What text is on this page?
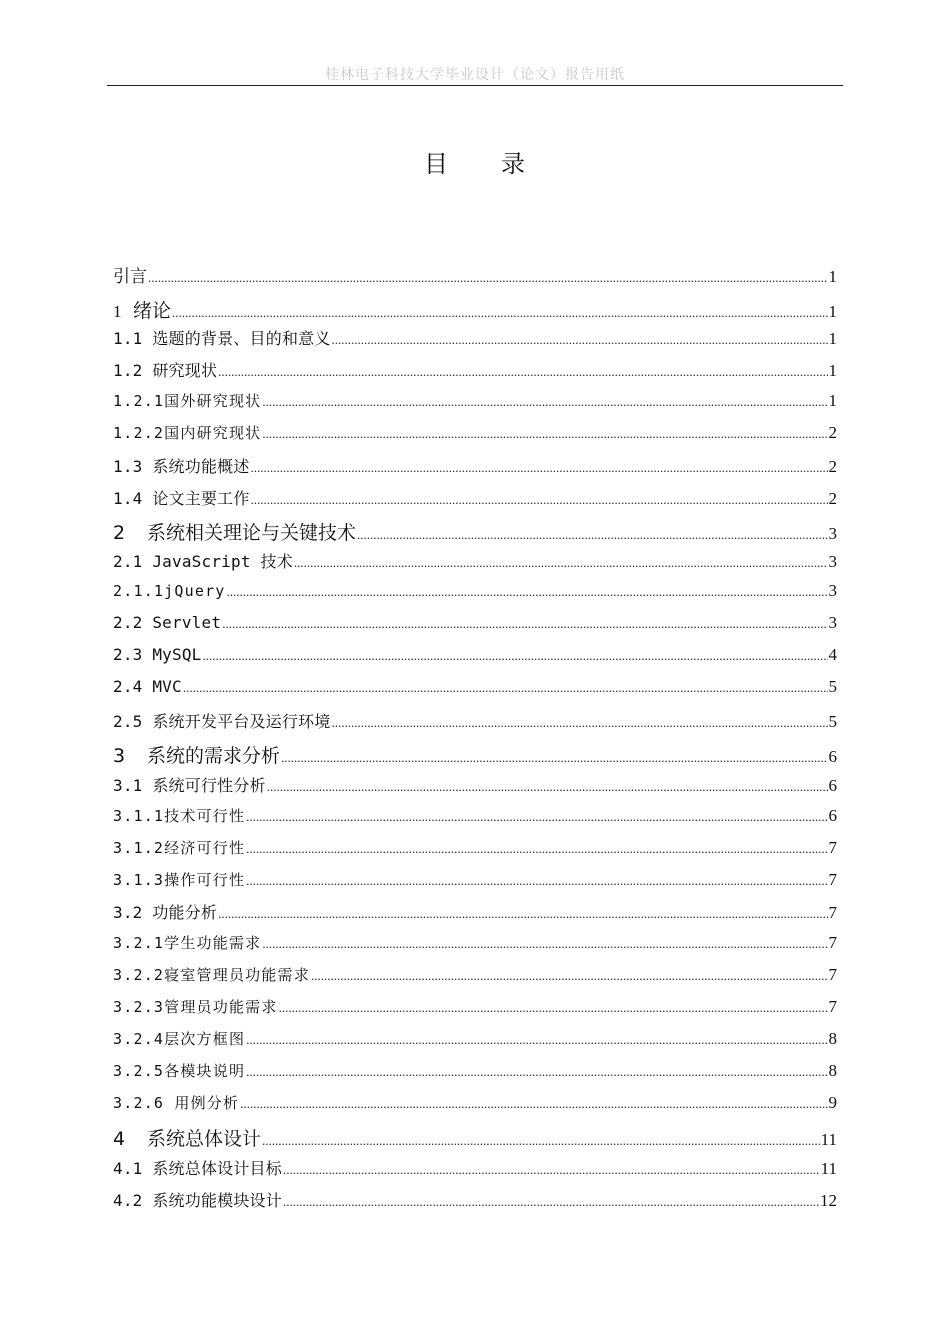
桂林电子科技大学毕业设计（论文）报告用纸
目 录
引言 .....	1
1 绪论 .....	1
1.1 选题的背景、目的和意义 .....	1
1.2 研究现状 .....	1
1.2.1国外研究现状 .....	1
1.2.2国内研究现状 .....	2
1.3 系统功能概述 .....	2
1.4 论文主要工作 .....	2
2 系统相关理论与关键技术 .....	3
2.1 JavaScript 技术 .....	3
2.1.1jQuery .....	3
2.2 Servlet .....	3
2.3 MySQL .....	4
2.4 MVC .....	5
2.5 系统开发平台及运行环境 .....	5
3 系统的需求分析 .....	6
3.1 系统可行性分析 .....	6
3.1.1技术可行性 .....	6
3.1.2经济可行性 .....	7
3.1.3操作可行性 .....	7
3.2 功能分析 .....	7
3.2.1学生功能需求 .....	7
3.2.2寝室管理员功能需求 .....	7
3.2.3管理员功能需求 .....	7
3.2.4层次方框图 .....	8
3.2.5各模块说明 .....	8
3.2.6 用例分析 .....	9
4 系统总体设计 .....	11
4.1 系统总体设计目标 .....	11
4.2 系统功能模块设计 .....	12
